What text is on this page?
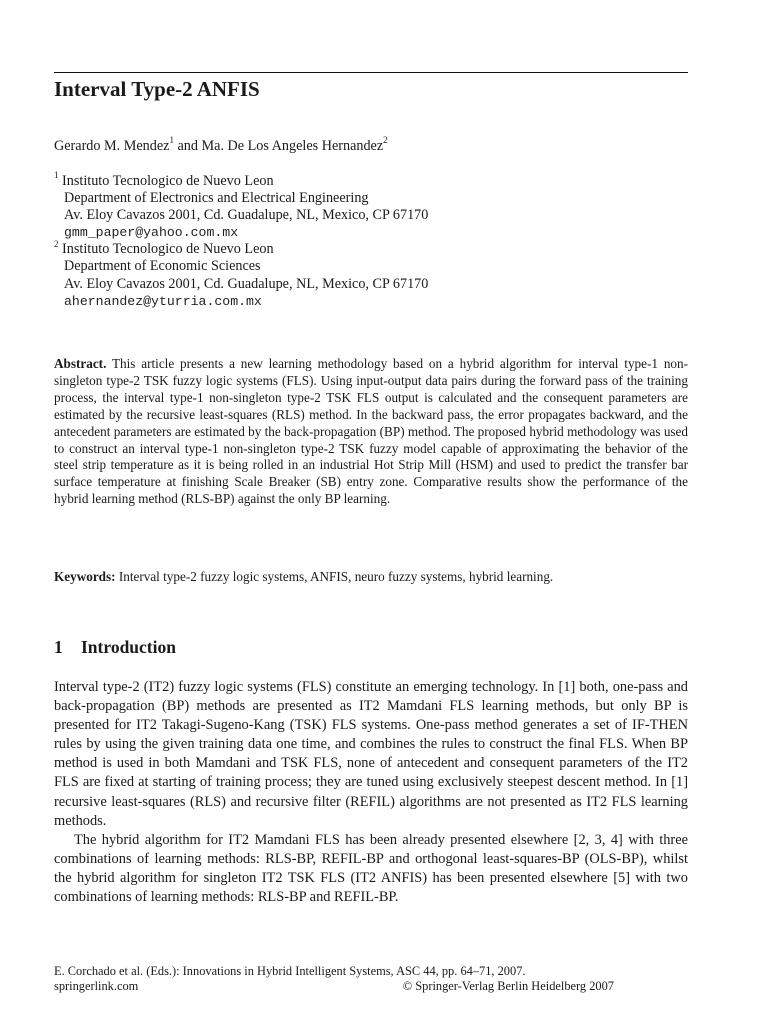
Interval Type-2 ANFIS
Gerardo M. Mendez$^1$ and Ma. De Los Angeles Hernandez$^2$
$^1$ Instituto Tecnologico de Nuevo Leon
Department of Electronics and Electrical Engineering
Av. Eloy Cavazos 2001, Cd. Guadalupe, NL, Mexico, CP 67170
gmm_paper@yahoo.com.mx
$^2$ Instituto Tecnologico de Nuevo Leon
Department of Economic Sciences
Av. Eloy Cavazos 2001, Cd. Guadalupe, NL, Mexico, CP 67170
ahernandez@yturria.com.mx
Abstract. This article presents a new learning methodology based on a hybrid algorithm for interval type-1 non-singleton type-2 TSK fuzzy logic systems (FLS). Using input-output data pairs during the forward pass of the training process, the interval type-1 non-singleton type-2 TSK FLS output is calculated and the consequent parameters are estimated by the recursive least-squares (RLS) method. In the backward pass, the error propagates backward, and the antecedent parameters are estimated by the back-propagation (BP) method. The proposed hybrid methodology was used to construct an interval type-1 non-singleton type-2 TSK fuzzy model capable of approximating the behavior of the steel strip temperature as it is being rolled in an industrial Hot Strip Mill (HSM) and used to predict the transfer bar surface temperature at finishing Scale Breaker (SB) entry zone. Comparative results show the performance of the hybrid learning method (RLS-BP) against the only BP learning.
Keywords: Interval type-2 fuzzy logic systems, ANFIS, neuro fuzzy systems, hybrid learning.
1 Introduction

Interval type-2 (IT2) fuzzy logic systems (FLS) constitute an emerging technology. In [1] both, one-pass and back-propagation (BP) methods are presented as IT2 Mamdani FLS learning methods, but only BP is presented for IT2 Takagi-Sugeno-Kang (TSK) FLS systems. One-pass method generates a set of IF-THEN rules by using the given training data one time, and combines the rules to construct the final FLS. When BP method is used in both Mamdani and TSK FLS, none of antecedent and consequent parameters of the IT2 FLS are fixed at starting of training process; they are tuned using exclusively steepest descent method. In [1] recursive least-squares (RLS) and recursive filter (REFIL) algorithms are not presented as IT2 FLS learning methods.

The hybrid algorithm for IT2 Mamdani FLS has been already presented elsewhere [2, 3, 4] with three combinations of learning methods: RLS-BP, REFIL-BP and orthogonal least-squares-BP (OLS-BP), whilst the hybrid algorithm for singleton IT2 TSK FLS (IT2 ANFIS) has been presented elsewhere [5] with two combinations of learning methods: RLS-BP and REFIL-BP.

E. Corchado et al. (Eds.): Innovations in Hybrid Intelligent Systems, ASC 44, pp. 64–71, 2007.
springerlink.com	© Springer-Verlag Berlin Heidelberg 2007
